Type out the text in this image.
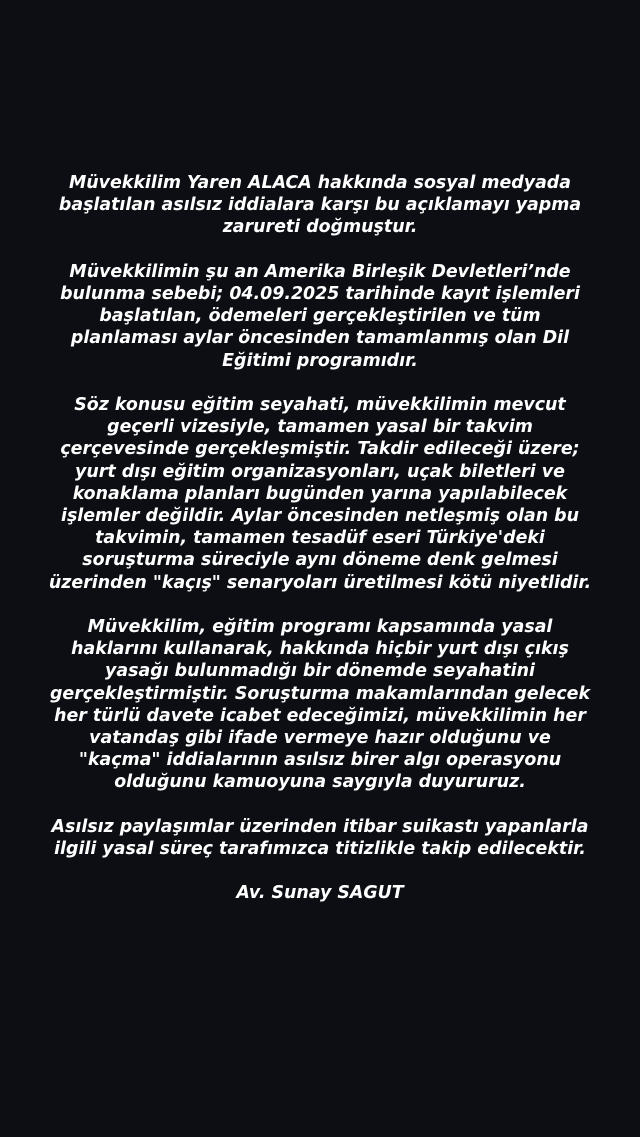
Müvekkilim Yaren ALACA hakkında sosyal medyada
başlatılan asılsız iddialara karşı bu açıklamayı yapma
zarureti doğmuştur.
Müvekkilimin şu an Amerika Birleşik Devletleri’nde
bulunma sebebi; 04.09.2025 tarihinde kayıt işlemleri
başlatılan, ödemeleri gerçekleştirilen ve tüm
planlaması aylar öncesinden tamamlanmış olan Dil
Eğitimi programıdır.
Söz konusu eğitim seyahati, müvekkilimin mevcut
geçerli vizesiyle, tamamen yasal bir takvim
çerçevesinde gerçekleşmiştir. Takdir edileceği üzere;
yurt dışı eğitim organizasyonları, uçak biletleri ve
konaklama planları bugünden yarına yapılabilecek
işlemler değildir. Aylar öncesinden netleşmiş olan bu
takvimin, tamamen tesadüf eseri Türkiye'deki
soruşturma süreciyle aynı döneme denk gelmesi
üzerinden "kaçış" senaryoları üretilmesi kötü niyetlidir.
Müvekkilim, eğitim programı kapsamında yasal
haklarını kullanarak, hakkında hiçbir yurt dışı çıkış
yasağı bulunmadığı bir dönemde seyahatini
gerçekleştirmiştir. Soruşturma makamlarından gelecek
her türlü davete icabet edeceğimizi, müvekkilimin her
vatandaş gibi ifade vermeye hazır olduğunu ve
"kaçma" iddialarının asılsız birer algı operasyonu
olduğunu kamuoyuna saygıyla duyururuz.
Asılsız paylaşımlar üzerinden itibar suikastı yapanlarla
ilgili yasal süreç tarafımızca titizlikle takip edilecektir.
Av. Sunay SAGUT
